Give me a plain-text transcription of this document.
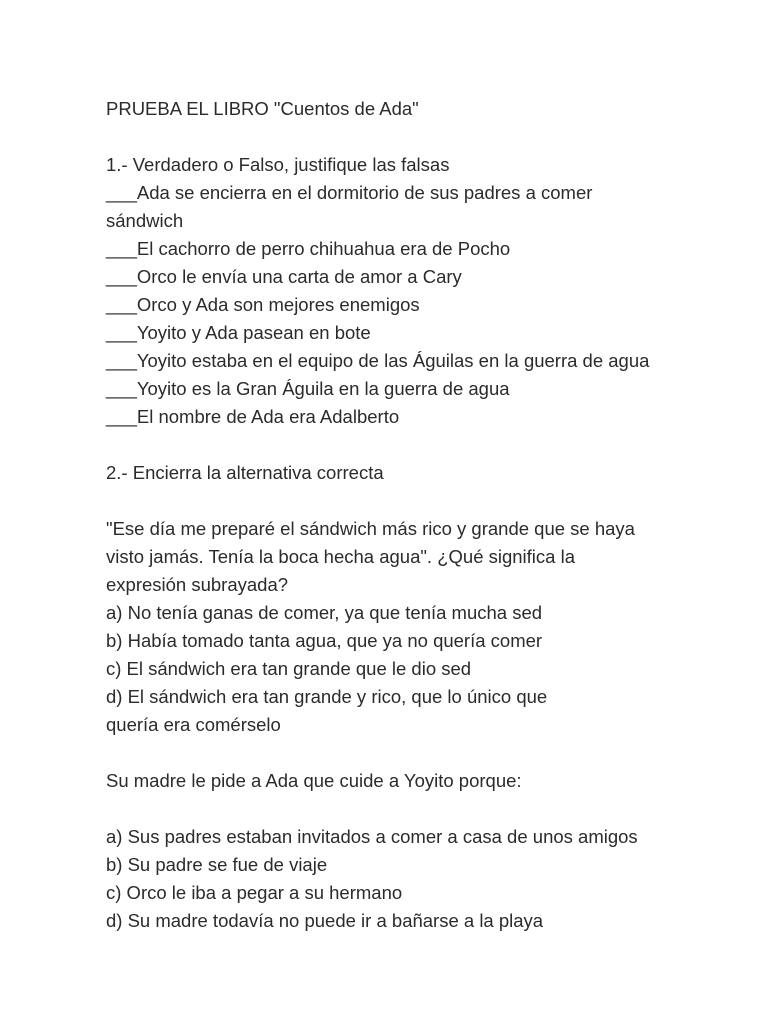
PRUEBA EL LIBRO "Cuentos de Ada"

1.- Verdadero o Falso, justifique las falsas

___Ada se encierra en el dormitorio de sus padres a comer

sándwich

___El cachorro de perro chihuahua era de Pocho

___Orco le envía una carta de amor a Cary

___Orco y Ada son mejores enemigos

___Yoyito y Ada pasean en bote

___Yoyito estaba en el equipo de las Águilas en la guerra de agua

___Yoyito es la Gran Águila en la guerra de agua

___El nombre de Ada era Adalberto

2.- Encierra la alternativa correcta

"Ese día me preparé el sándwich más rico y grande que se haya

visto jamás. Tenía la boca hecha agua". ¿Qué significa la

expresión subrayada?

a) No tenía ganas de comer, ya que tenía mucha sed

b) Había tomado tanta agua, que ya no quería comer

c) El sándwich era tan grande que le dio sed

d) El sándwich era tan grande y rico, que lo único que

quería era comérselo

Su madre le pide a Ada que cuide a Yoyito porque:

a) Sus padres estaban invitados a comer a casa de unos amigos

b) Su padre se fue de viaje

c) Orco le iba a pegar a su hermano

d) Su madre todavía no puede ir a bañarse a la playa
